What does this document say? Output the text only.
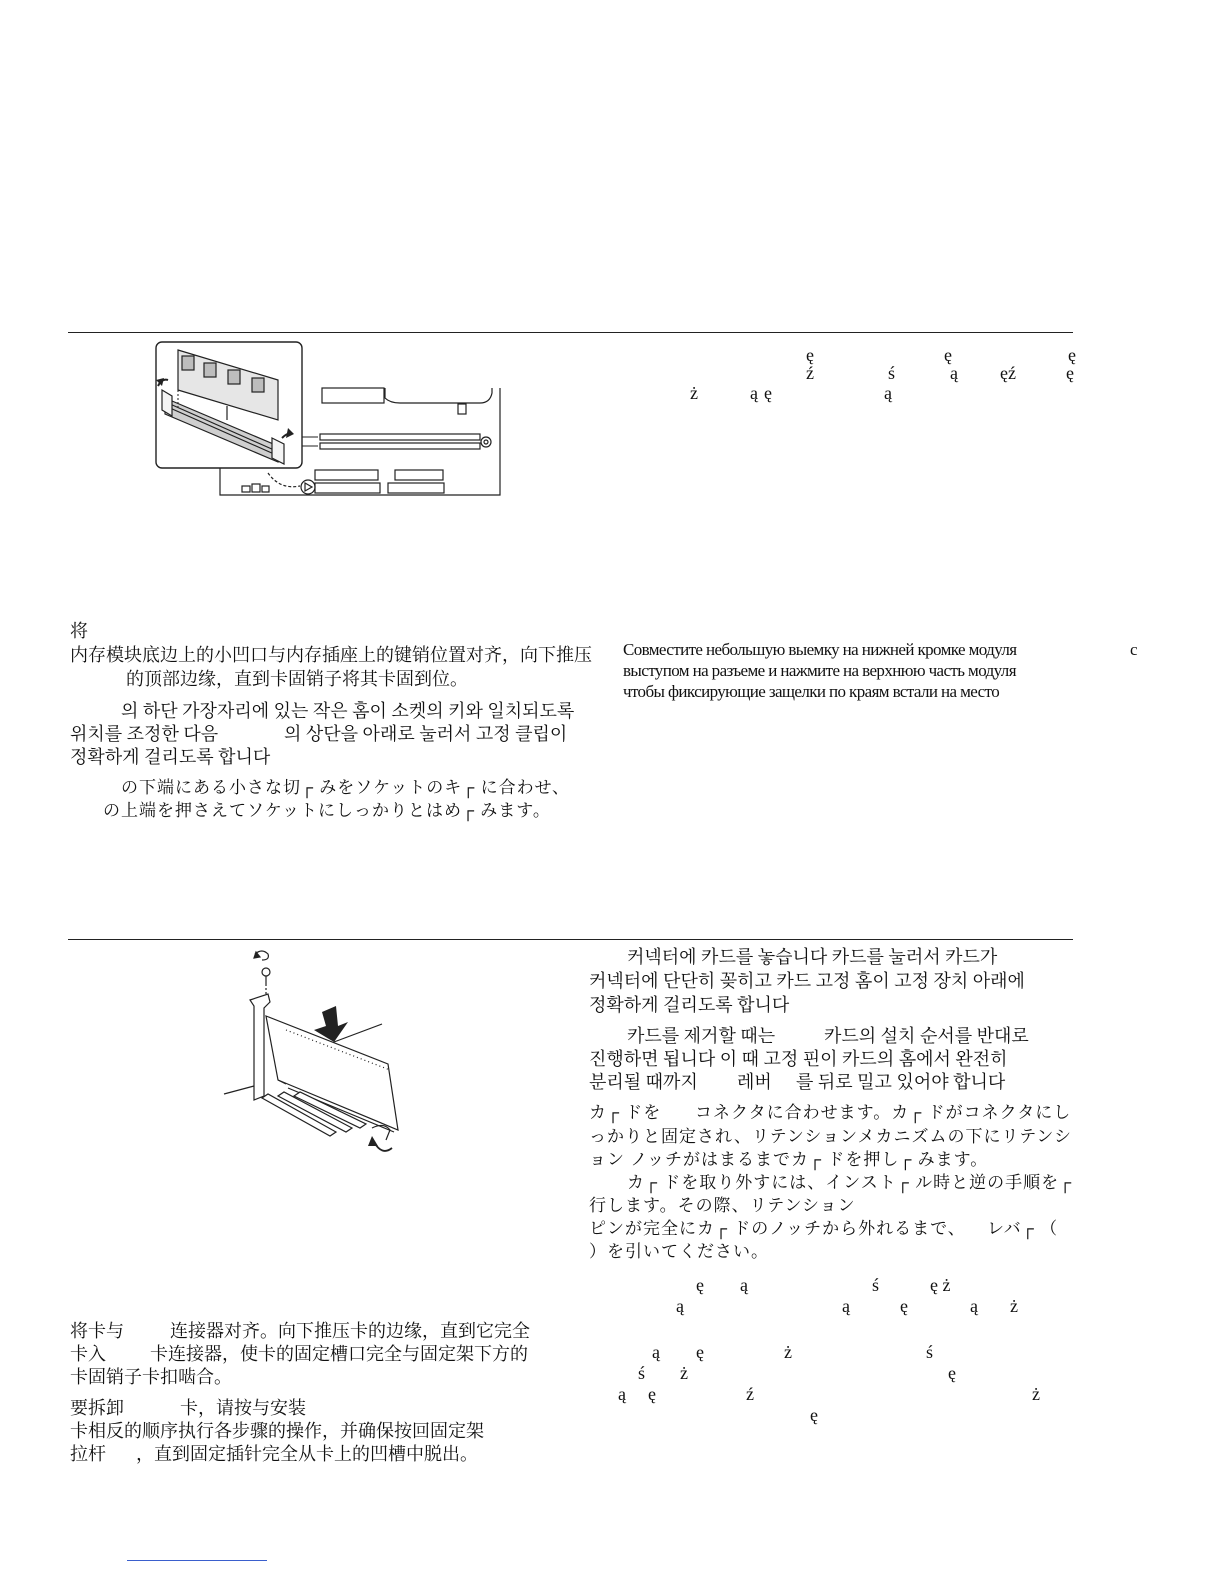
ę	ę	ę
ź	ś	ą ęź	ę
ż	ąę	ą
将
内存模块底边上的小凹口与内存插座上的键销位置对齐，向下推压
的顶部边缘，直到卡固销子将其卡固到位。
의 하단 가장자리에 있는 작은 홈이 소켓의 키와 일치되도록
위치를 조정한 다음	의 상단을 아래로 눌러서 고정 클립이
정확하게 걸리도록 합니다
の下端にある小さな切┌ みをソケットのキ┌ に合わせ、
の上端を押さえてソケットにしっかりとはめ┌ みます。
Совместите небольшую выемку на нижней кромке модуля	с
выступом на разъеме и нажмите на верхнюю часть модуля
чтобы фиксирующие защелки по краям встали на место
커넥터에 카드를 놓습니다 카드를 눌러서 카드가
커넥터에 단단히 꽂히고 카드 고정 홈이 고정 장치 아래에
정확하게 걸리도록 합니다
카드를 제거할 때는	카드의 설치 순서를 반대로
진행하면 됩니다 이 때 고정 핀이 카드의 홈에서 완전히
분리될 때까지 레버 를 뒤로 밀고 있어야 합니다
カ┌ ドを コネクタに合わせます。カ┌ ドがコネクタにし
っかりと固定され、リテンションメカニズムの下にリテンシ
ョン ノッチがはまるまでカ┌ ドを押し┌ みます。
カ┌ ドを取り外すには、インスト┌ ル時と逆の手順を┌
行します。その際、リテンション
ピンが完全にカ┌ ドのノッチから外れるまで、 レバ┌ （
）を引いてください。
ę ą	ś	ę ż
ą	ą	ę	ą ż
ą ę	ż	ś
ś ż	ę
ą ę	ź	ż
ę
将卡与	连接器对齐。向下推压卡的边缘，直到它完全
卡入 卡连接器，使卡的固定槽口完全与固定架下方的
卡固销子卡扣啮合。
要拆卸	卡，请按与安装
卡相反的顺序执行各步骤的操作，并确保按回固定架
拉杆 ，直到固定插针完全从卡上的凹槽中脱出。
